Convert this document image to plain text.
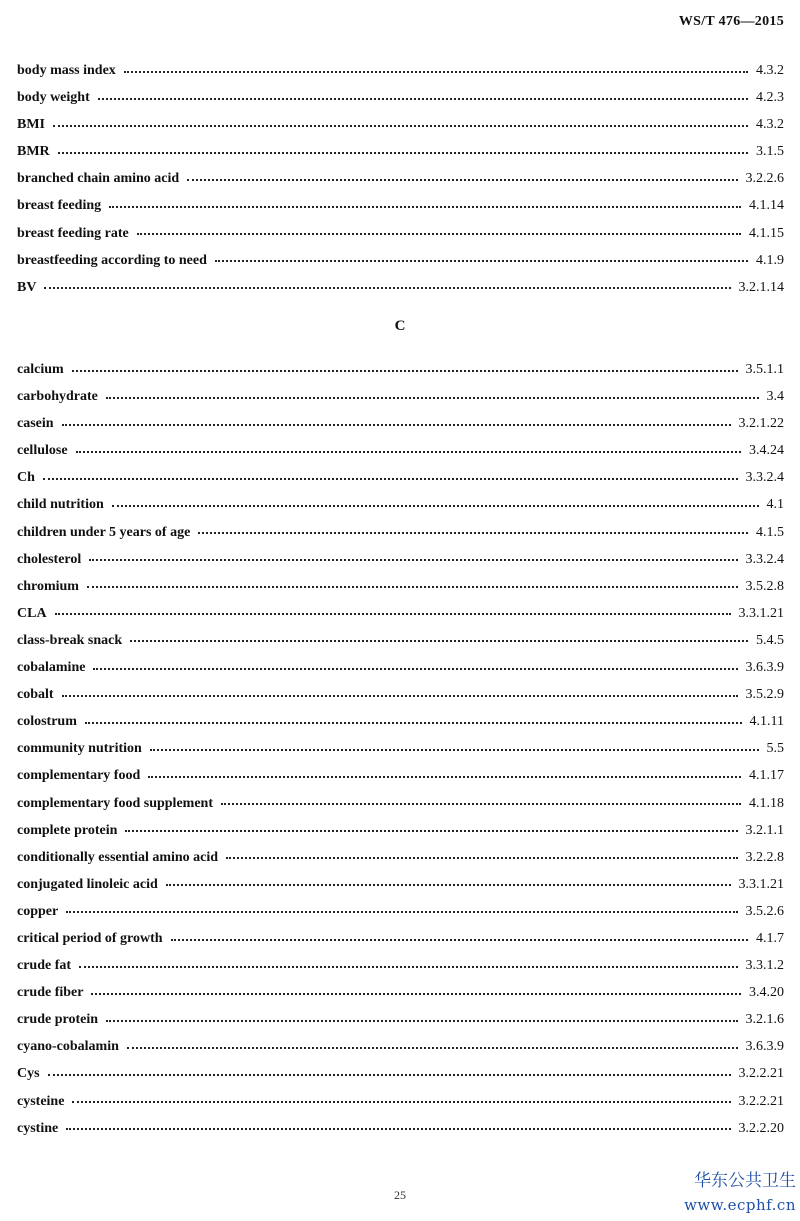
WS/T 476—2015
body mass index	4.3.2
body weight	4.2.3
BMI	4.3.2
BMR	3.1.5
branched chain amino acid	3.2.2.6
breast feeding	4.1.14
breast feeding rate	4.1.15
breastfeeding according to need	4.1.9
BV	3.2.1.14
C
calcium	3.5.1.1
carbohydrate	3.4
casein	3.2.1.22
cellulose	3.4.24
Ch	3.3.2.4
child nutrition	4.1
children under 5 years of age	4.1.5
cholesterol	3.3.2.4
chromium	3.5.2.8
CLA	3.3.1.21
class-break snack	5.4.5
cobalamine	3.6.3.9
cobalt	3.5.2.9
colostrum	4.1.11
community nutrition	5.5
complementary food	4.1.17
complementary food supplement	4.1.18
complete protein	3.2.1.1
conditionally essential amino acid	3.2.2.8
conjugated linoleic acid	3.3.1.21
copper	3.5.2.6
critical period of growth	4.1.7
crude fat	3.3.1.2
crude fiber	3.4.20
crude protein	3.2.1.6
cyano-cobalamin	3.6.3.9
Cys	3.2.2.21
cysteine	3.2.2.21
cystine	3.2.2.20
25
华东公共卫生
www.ecphf.cn
